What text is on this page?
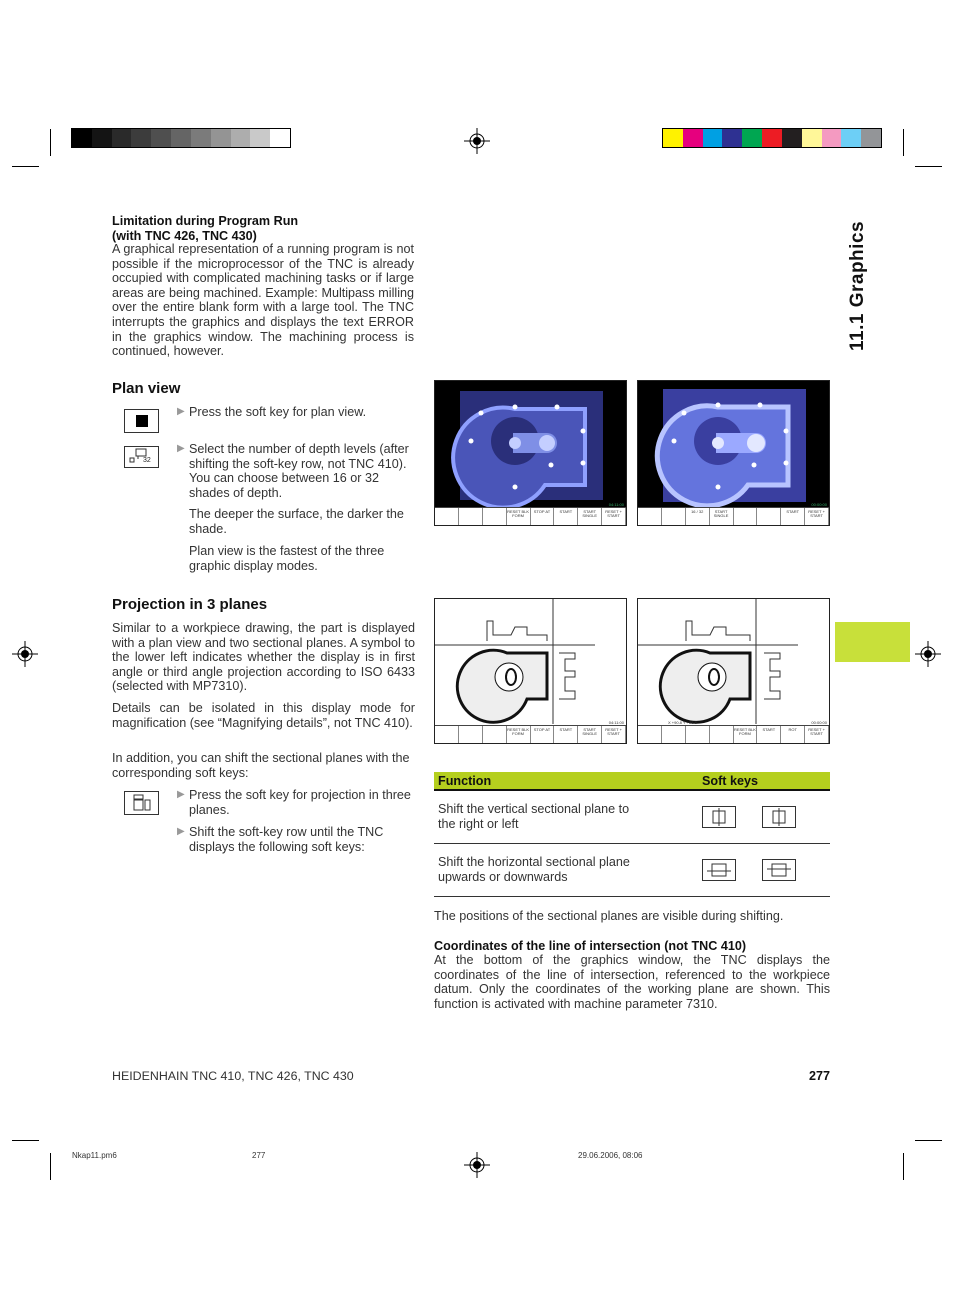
11.1 Graphics
Limitation during Program Run
(with TNC 426, TNC 430)
A graphical representation of a running program is not possible if the microprocessor of the TNC is already occupied with complicated machining tasks or if large areas are being machined. Example: Multipass milling over the entire blank form with a large tool. The TNC interrupts the graphics and displays the text ERROR in the graphics window. The machining process is continued, however.
Plan view
32
▶ Press the soft key for plan view.
▶ Select the number of depth levels (after shifting the soft-key row, not TNC 410). You can choose between 16 or 32 shades of depth.
The deeper the surface, the darker the shade.
Plan view is the fastest of the three graphic display modes.
04:11:00
RESET BLK FORM
STOP AT	START	START SINGLE
RESET + START
00:00:00
16 / 32	START SINGLE
START	RESET + START
Projection in 3 planes
Similar to a workpiece drawing, the part is displayed with a plan view and two sectional planes. A symbol to the lower left indicates whether the display is in first angle or third angle projection according to ISO 6433 (selected with MP7310).
Details can be isolated in this display mode for magnification (see “Magnifying details”, not TNC 410).
In addition, you can shift the sectional planes with the corresponding soft keys:
▶ Press the soft key for projection in three planes.
▶ Shift the soft-key row until the TNC displays the following soft keys:
04:11:00
RESET BLK FORM
STOP AT	START	START SINGLE
RESET + START
X +90.8 Y +88.8	00:00:00
RESET BLK FORM
START	ROT	RESET + START
Function	Soft keys
Shift the vertical sectional plane to the right or left	

Shift the horizontal sectional plane upwards or downwards	

The positions of the sectional planes are visible during shifting.
Coordinates of the line of intersection (not TNC 410)
At the bottom of the graphics window, the TNC displays the coordinates of the line of intersection, referenced to the workpiece datum. Only the coordinates of the working plane are shown. This function is activated with machine parameter 7310.
HEIDENHAIN TNC 410, TNC 426, TNC 430	277
Nkap11.pm6	277	29.06.2006, 08:06
